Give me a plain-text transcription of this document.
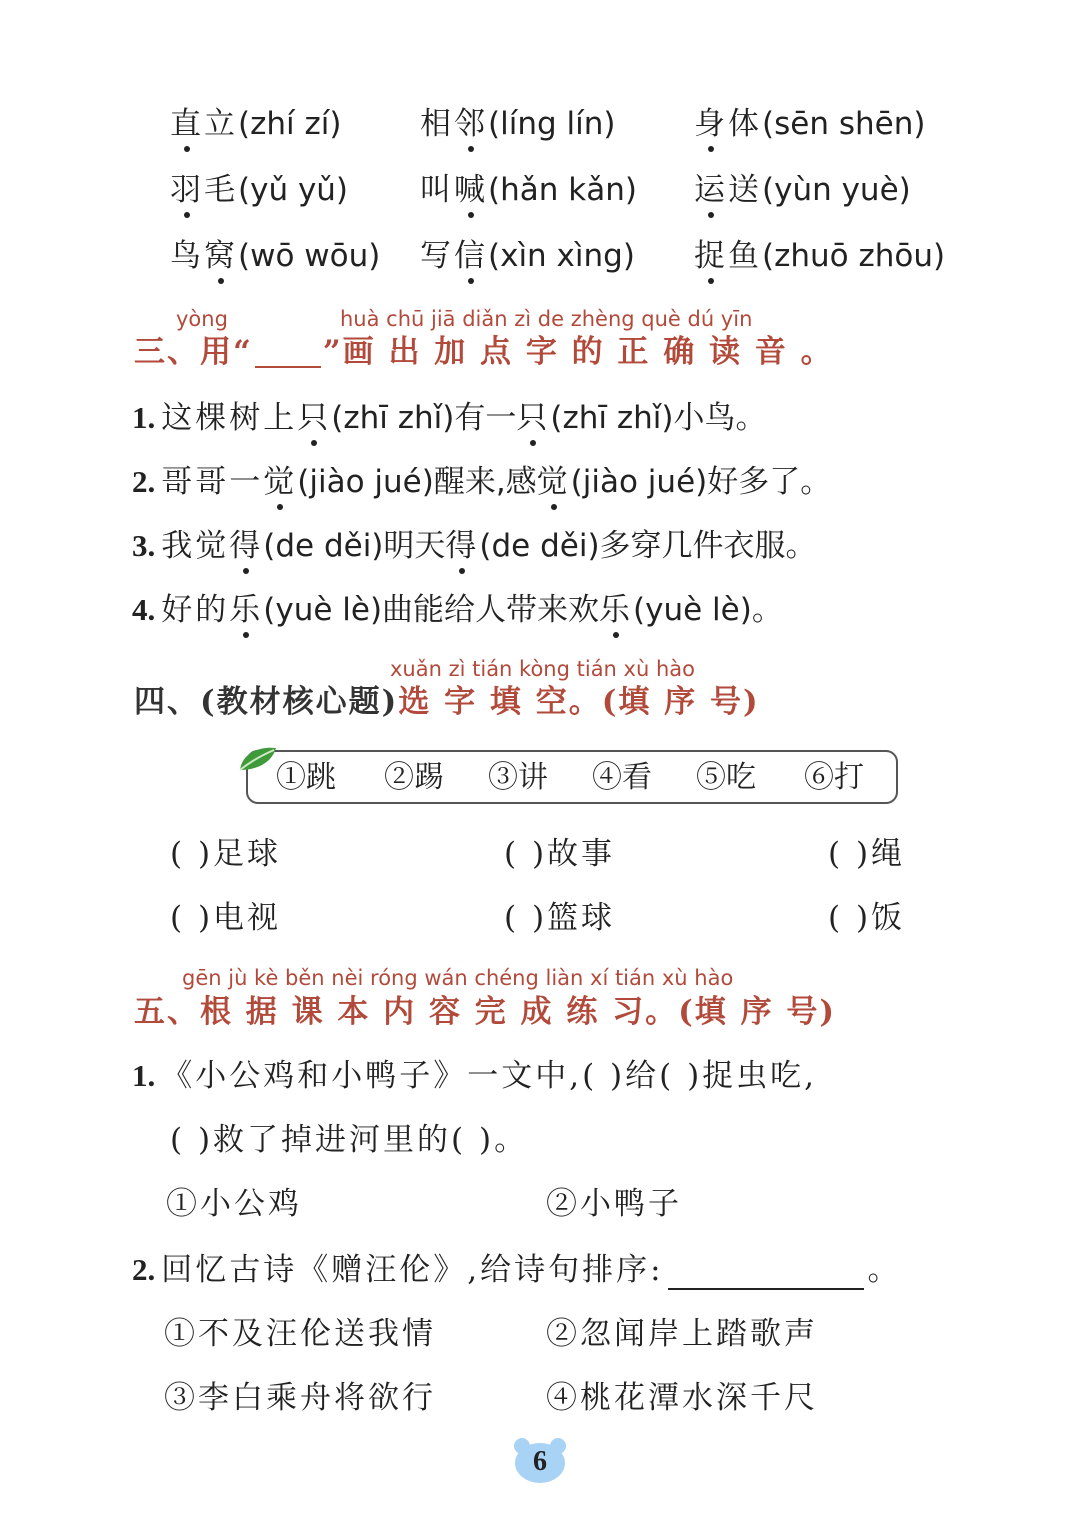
直立(zhí zí)	相邻(líng lín)	身体(sēn shēn)
羽毛(yǔ yǔ) 叫喊(hǎn kǎn) 运送(yùn yuè)
鸟窝(wō wōu) 写信(xìn xìng) 捉鱼(zhuō zhōu)
yòng	huà chū jiā diǎn zì de zhèng què dú yīn
三、用“ ”画 出 加 点 字 的 正 确 读 音 。
1. 这棵树上只(zhī zhǐ)有一只(zhī zhǐ)小鸟。
2. 哥哥一觉(jiào jué)醒来,感觉(jiào jué)好多了。
3. 我觉得(de děi)明天得(de děi)多穿几件衣服。
4. 好的乐(yuè lè)曲能给人带来欢乐(yuè lè)。
xuǎn zì tián kòng tián xù hào
四、(教材核心题)选 字 填 空。(填 序 号)
①跳 ②踢 ③讲 ④看 ⑤吃 ⑥打
( )足球	( )故事	( )绳
( )电视	( )篮球	( )饭
gēn jù kè běn nèi róng wán chéng liàn xí tián xù hào
五、根 据 课 本 内 容 完 成 练 习。(填 序 号)
1. 《小公鸡和小鸭子》一文中,( )给( )捉虫吃,
( )救了掉进河里的( )。
①小公鸡	②小鸭子
2. 回忆古诗《赠汪伦》,给诗句排序:	。
①不及汪伦送我情	②忽闻岸上踏歌声
③李白乘舟将欲行	④桃花潭水深千尺
6
